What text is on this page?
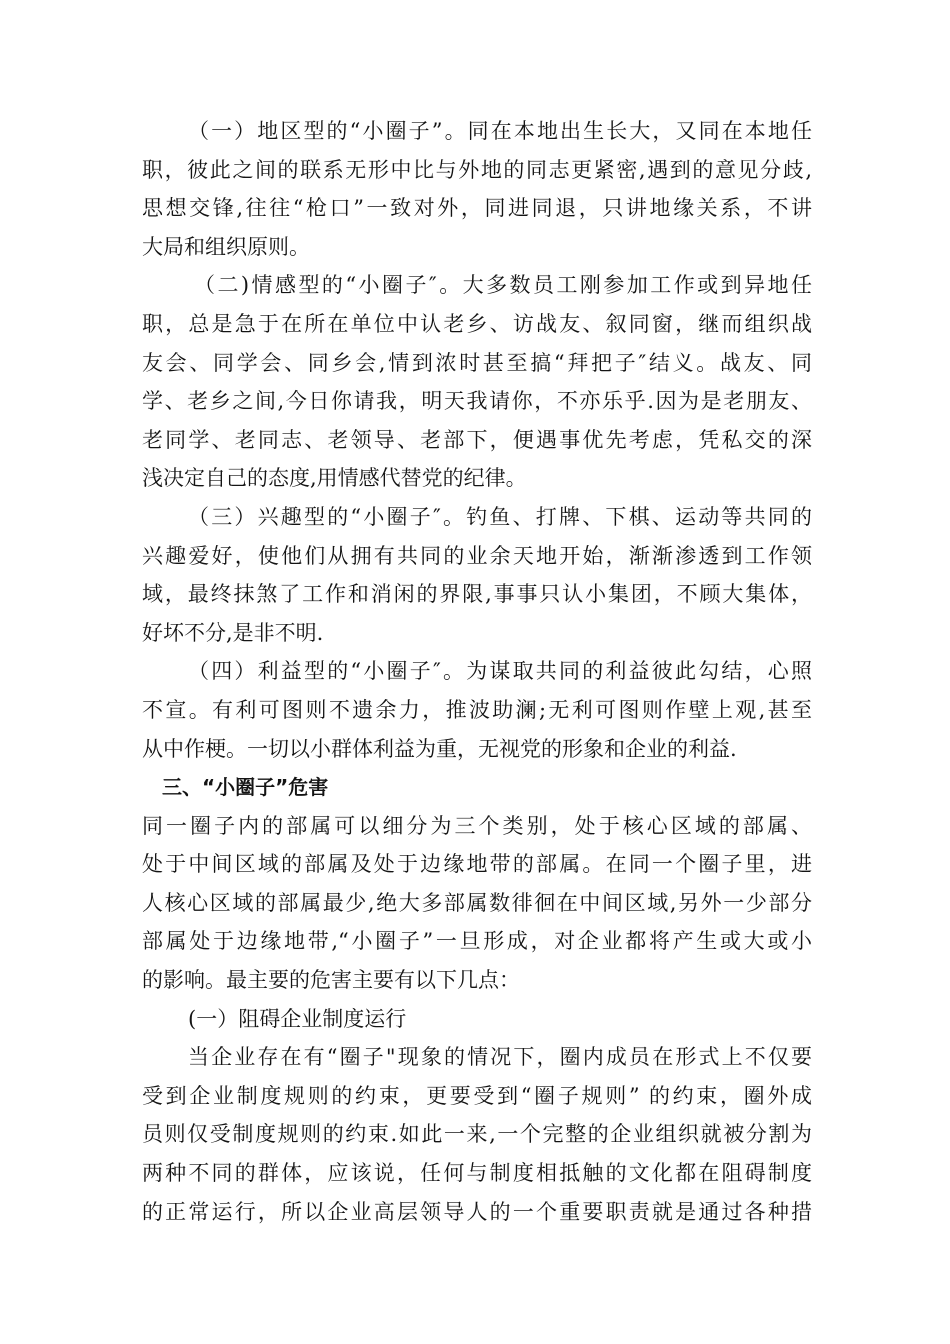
（一）地区型的“小圈子”。同在本地出生长大，又同在本地任
职，彼此之间的联系无形中比与外地的同志更紧密,遇到的意见分歧,
思想交锋,往往“枪口”一致对外，同进同退，只讲地缘关系，不讲
大局和组织原则。
（二)情感型的“小圈子″。大多数员工刚参加工作或到异地任
职，总是急于在所在单位中认老乡、访战友、叙同窗，继而组织战
友会、同学会、同乡会,情到浓时甚至搞“拜把子″结义。战友、同
学、老乡之间,今日你请我，明天我请你，不亦乐乎.因为是老朋友、
老同学、老同志、老领导、老部下，便遇事优先考虑，凭私交的深
浅决定自己的态度,用情感代替党的纪律。
（三）兴趣型的“小圈子″。钓鱼、打牌、下棋、运动等共同的
兴趣爱好，使他们从拥有共同的业余天地开始，渐渐渗透到工作领
域，最终抹煞了工作和消闲的界限,事事只认小集团，不顾大集体，
好坏不分,是非不明.
（四）利益型的“小圈子″。为谋取共同的利益彼此勾结，心照
不宣。有利可图则不遗余力，推波助澜;无利可图则作壁上观,甚至
从中作梗。一切以小群体利益为重，无视党的形象和企业的利益.
三、“小圈子”危害
同一圈子内的部属可以细分为三个类别，处于核心区域的部属、
处于中间区域的部属及处于边缘地带的部属。在同一个圈子里，进
人核心区域的部属最少,绝大多部属数徘徊在中间区域,另外一少部分
部属处于边缘地带,“小圈子”一旦形成，对企业都将产生或大或小
的影响。最主要的危害主要有以下几点：
(一）阻碍企业制度运行
当企业存在有“圈子"现象的情况下，圈内成员在形式上不仅要
受到企业制度规则的约束，更要受到“圈子规则” 的约束，圈外成
员则仅受制度规则的约束.如此一来,一个完整的企业组织就被分割为
两种不同的群体，应该说，任何与制度相抵触的文化都在阻碍制度
的正常运行，所以企业高层领导人的一个重要职责就是通过各种措
